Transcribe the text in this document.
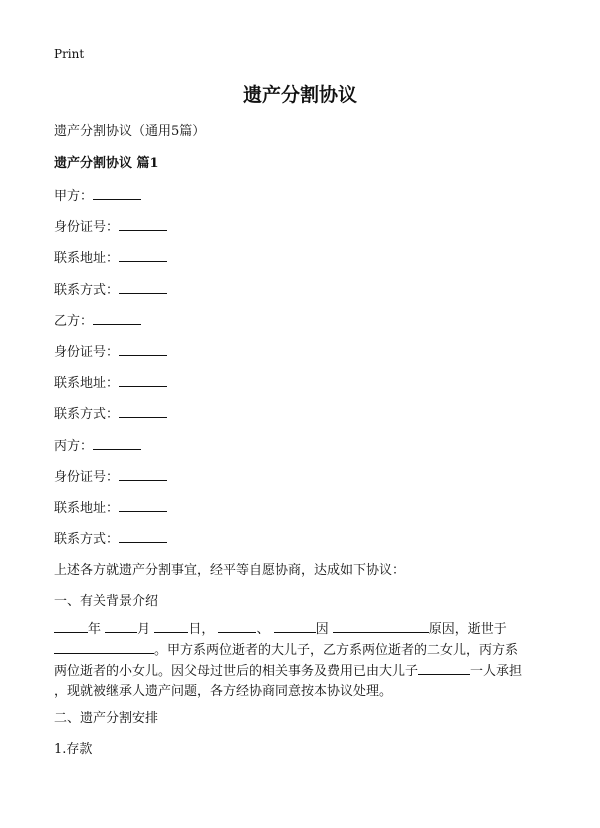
Print
遗产分割协议
遗产分割协议（通用5篇）
遗产分割协议 篇1
甲方：
身份证号：
联系地址：
联系方式：
乙方：
身份证号：
联系地址：
联系方式：
丙方：
身份证号：
联系地址：
联系方式：
上述各方就遗产分割事宜，经平等自愿协商，达成如下协议：
一、有关背景介绍
年	月	日，	、	因	原因，逝世于
。甲方系两位逝者的大儿子，乙方系两位逝者的二女儿，丙方系
两位逝者的小女儿。因父母过世后的相关事务及费用已由大儿子	一人承担
，现就被继承人遗产问题，各方经协商同意按本协议处理。
二、遗产分割安排
1.存款
